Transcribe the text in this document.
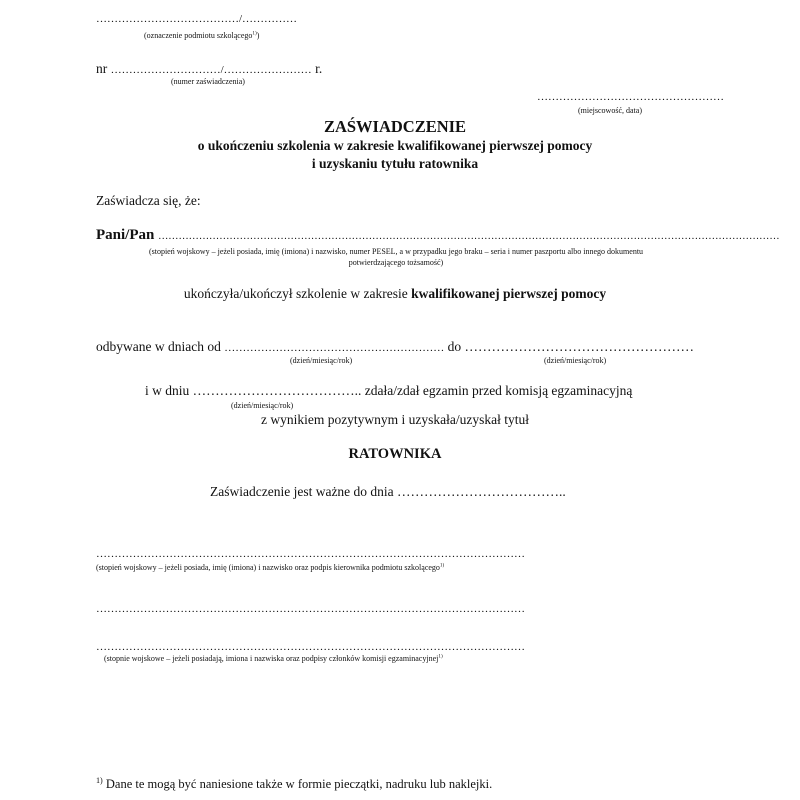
…………………………………/……………
(oznaczenie podmiotu szkolącego$^{1)}$)
nr …………………………/…………………… r.
(numer zaświadczenia)
……………………………………………
(miejscowość, data)
ZAŚWIADCZENIE
o ukończeniu szkolenia w zakresie kwalifikowanej pierwszej pomocy
i uzyskaniu tytułu ratownika
Zaświadcza się, że:
Pani/Pan …………………………………………………………………………………………………………………………………………………………………
(stopień wojskowy – jeżeli posiada, imię (imiona) i nazwisko, numer PESEL, a w przypadku jego braku – seria i numer paszportu albo innego dokumentu
potwierdzającego tożsamość)
ukończyła/ukończył szkolenie w zakresie kwalifikowanej pierwszej pomocy
odbywane w dniach od …………………………………………………… do ……………………………………………
(dzień/miesiąc/rok)	(dzień/miesiąc/rok)
i w dniu ……………………………….. zdała/zdał egzamin przed komisją egzaminacyjną
(dzień/miesiąc/rok)
z wynikiem pozytywnym i uzyskała/uzyskał tytuł
RATOWNIKA
Zaświadczenie jest ważne do dnia ………………………………..
………………………………………………………………………………………………………
(stopień wojskowy – jeżeli posiada, imię (imiona) i nazwisko oraz podpis kierownika podmiotu szkolącego$^{1)}$
………………………………………………………………………………………………………
………………………………………………………………………………………………………
(stopnie wojskowe – jeżeli posiadają, imiona i nazwiska oraz podpisy członków komisji egzaminacyjnej$^{1)}$
$^{1)}$ Dane te mogą być naniesione także w formie pieczątki, nadruku lub naklejki.
